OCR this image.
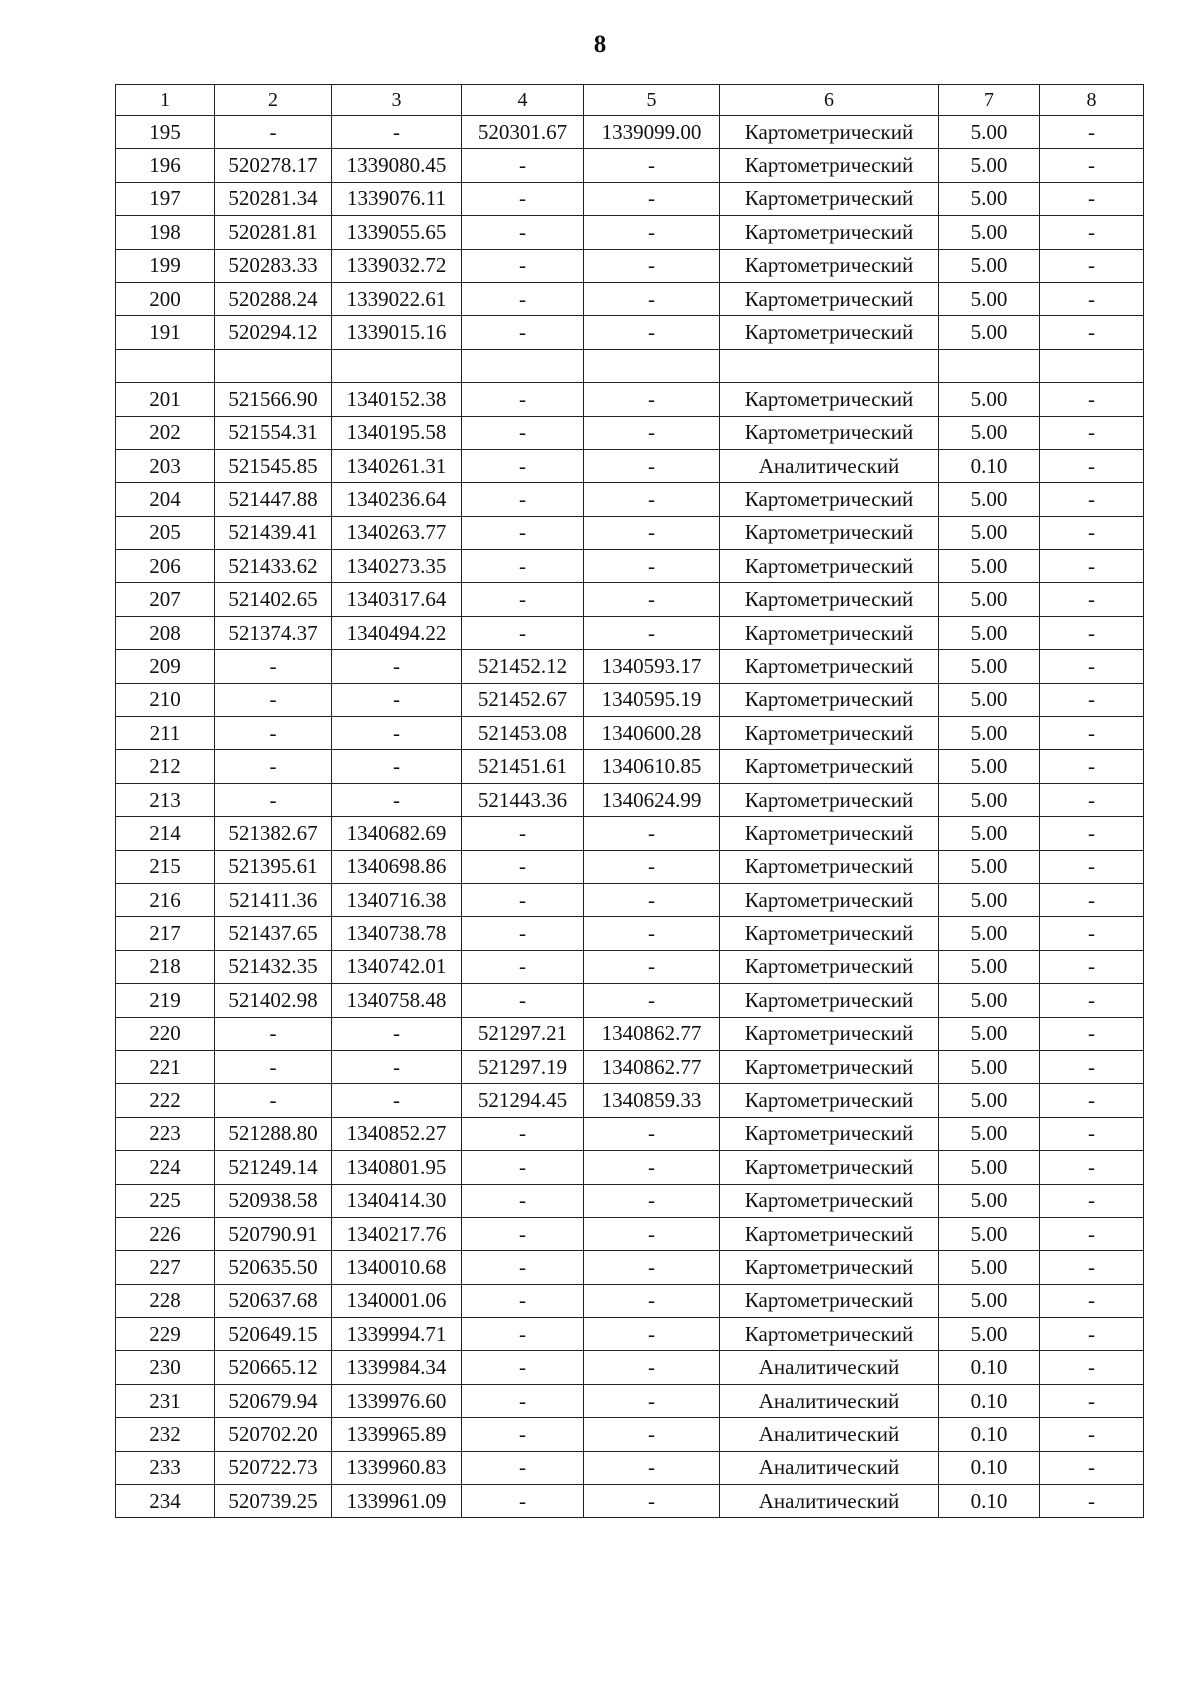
8
1	2	3	4	5	6	7	8
195	-	-	520301.67	1339099.00	Картометрический	5.00	-
196	520278.17	1339080.45	-	-	Картометрический	5.00	-
197	520281.34	1339076.11	-	-	Картометрический	5.00	-
198	520281.81	1339055.65	-	-	Картометрический	5.00	-
199	520283.33	1339032.72	-	-	Картометрический	5.00	-
200	520288.24	1339022.61	-	-	Картометрический	5.00	-
191	520294.12	1339015.16	-	-	Картометрический	5.00	-

201	521566.90	1340152.38	-	-	Картометрический	5.00	-
202	521554.31	1340195.58	-	-	Картометрический	5.00	-
203	521545.85	1340261.31	-	-	Аналитический	0.10	-
204	521447.88	1340236.64	-	-	Картометрический	5.00	-
205	521439.41	1340263.77	-	-	Картометрический	5.00	-
206	521433.62	1340273.35	-	-	Картометрический	5.00	-
207	521402.65	1340317.64	-	-	Картометрический	5.00	-
208	521374.37	1340494.22	-	-	Картометрический	5.00	-
209	-	-	521452.12	1340593.17	Картометрический	5.00	-
210	-	-	521452.67	1340595.19	Картометрический	5.00	-
211	-	-	521453.08	1340600.28	Картометрический	5.00	-
212	-	-	521451.61	1340610.85	Картометрический	5.00	-
213	-	-	521443.36	1340624.99	Картометрический	5.00	-
214	521382.67	1340682.69	-	-	Картометрический	5.00	-
215	521395.61	1340698.86	-	-	Картометрический	5.00	-
216	521411.36	1340716.38	-	-	Картометрический	5.00	-
217	521437.65	1340738.78	-	-	Картометрический	5.00	-
218	521432.35	1340742.01	-	-	Картометрический	5.00	-
219	521402.98	1340758.48	-	-	Картометрический	5.00	-
220	-	-	521297.21	1340862.77	Картометрический	5.00	-
221	-	-	521297.19	1340862.77	Картометрический	5.00	-
222	-	-	521294.45	1340859.33	Картометрический	5.00	-
223	521288.80	1340852.27	-	-	Картометрический	5.00	-
224	521249.14	1340801.95	-	-	Картометрический	5.00	-
225	520938.58	1340414.30	-	-	Картометрический	5.00	-
226	520790.91	1340217.76	-	-	Картометрический	5.00	-
227	520635.50	1340010.68	-	-	Картометрический	5.00	-
228	520637.68	1340001.06	-	-	Картометрический	5.00	-
229	520649.15	1339994.71	-	-	Картометрический	5.00	-
230	520665.12	1339984.34	-	-	Аналитический	0.10	-
231	520679.94	1339976.60	-	-	Аналитический	0.10	-
232	520702.20	1339965.89	-	-	Аналитический	0.10	-
233	520722.73	1339960.83	-	-	Аналитический	0.10	-
234	520739.25	1339961.09	-	-	Аналитический	0.10	-
